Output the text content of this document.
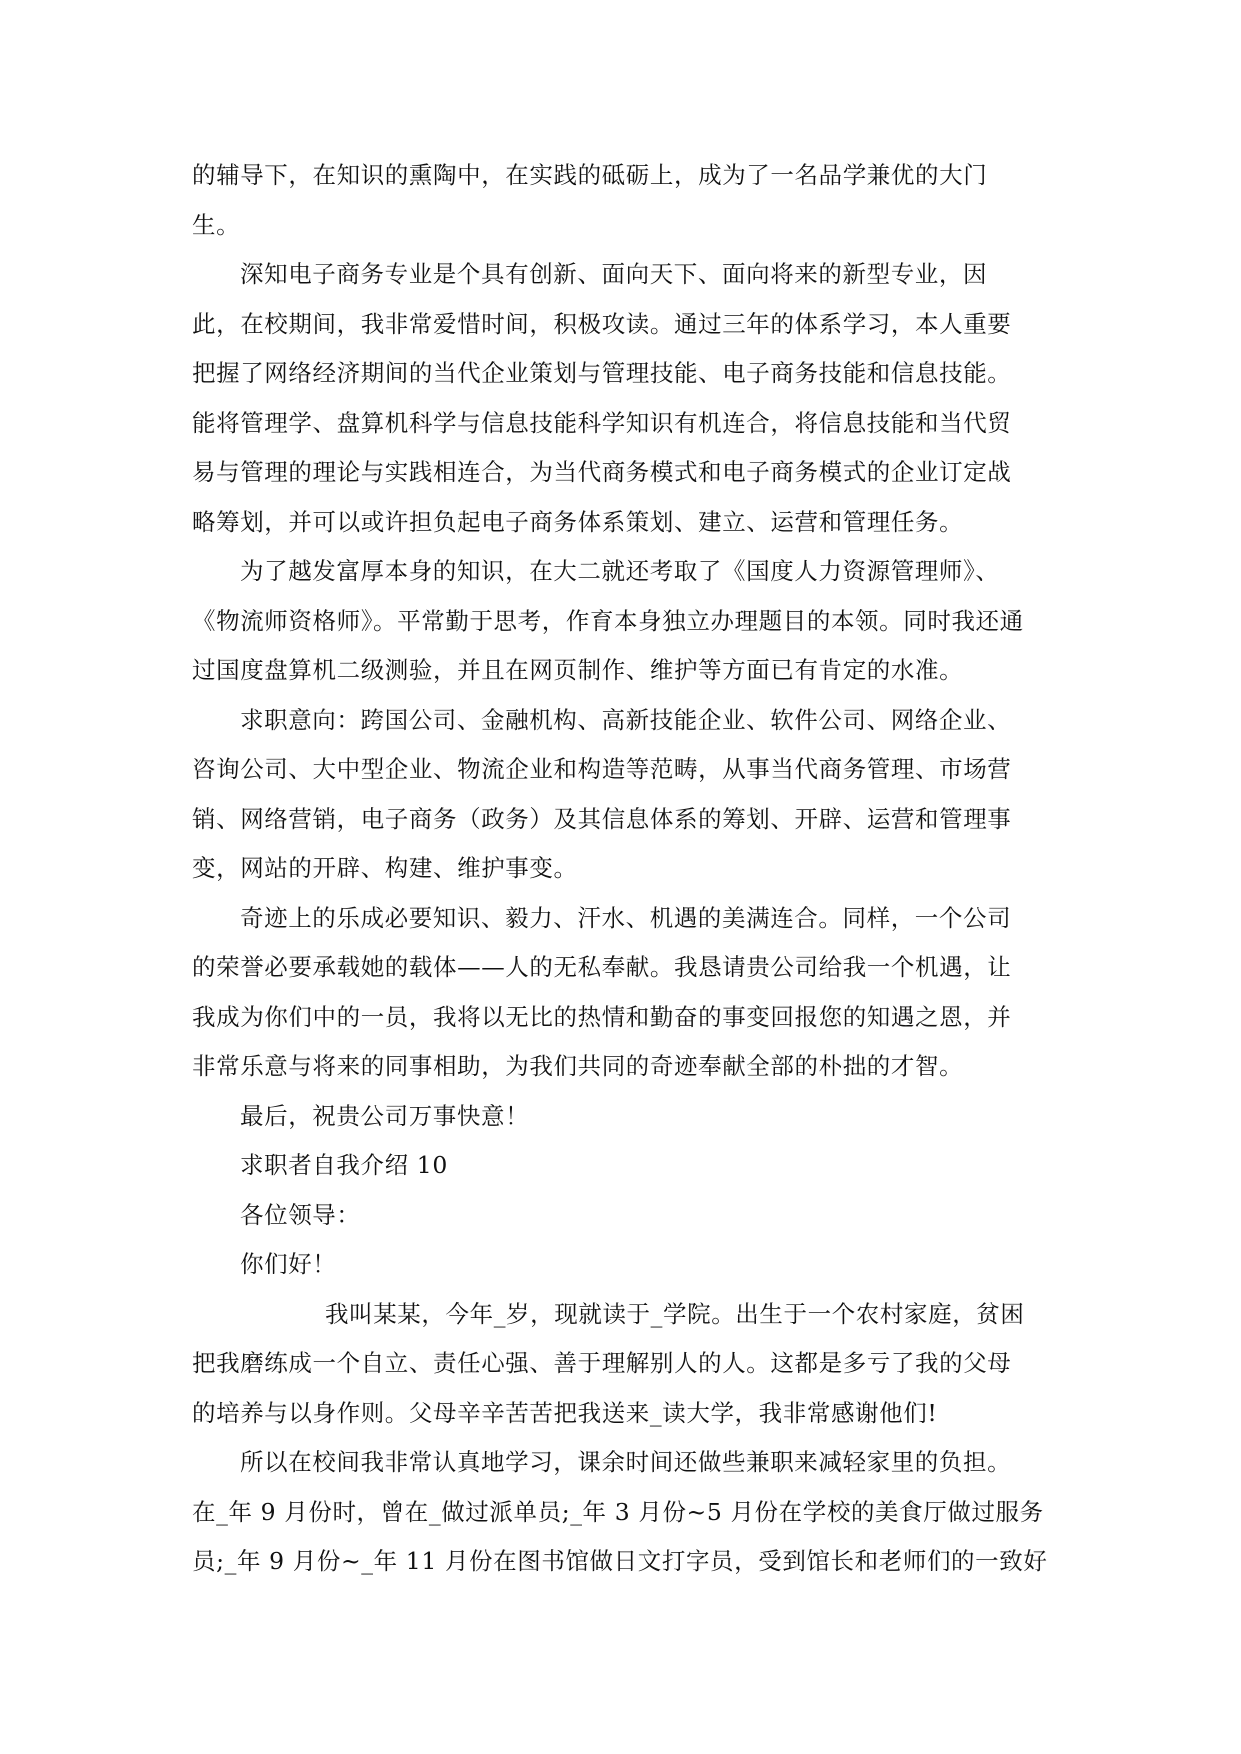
的辅导下，在知识的熏陶中，在实践的砥砺上，成为了一名品学兼优的大门
生。
深知电子商务专业是个具有创新、面向天下、面向将来的新型专业，因
此，在校期间，我非常爱惜时间，积极攻读。通过三年的体系学习，本人重要
把握了网络经济期间的当代企业策划与管理技能、电子商务技能和信息技能。
能将管理学、盘算机科学与信息技能科学知识有机连合，将信息技能和当代贸
易与管理的理论与实践相连合，为当代商务模式和电子商务模式的企业订定战
略筹划，并可以或许担负起电子商务体系策划、建立、运营和管理任务。
为了越发富厚本身的知识，在大二就还考取了《国度人力资源管理师》、
《物流师资格师》。平常勤于思考，作育本身独立办理题目的本领。同时我还通
过国度盘算机二级测验，并且在网页制作、维护等方面已有肯定的水准。
求职意向：跨国公司、金融机构、高新技能企业、软件公司、网络企业、
咨询公司、大中型企业、物流企业和构造等范畴，从事当代商务管理、市场营
销、网络营销，电子商务（政务）及其信息体系的筹划、开辟、运营和管理事
变，网站的开辟、构建、维护事变。
奇迹上的乐成必要知识、毅力、汗水、机遇的美满连合。同样，一个公司
的荣誉必要承载她的载体——人的无私奉献。我恳请贵公司给我一个机遇，让
我成为你们中的一员，我将以无比的热情和勤奋的事变回报您的知遇之恩，并
非常乐意与将来的同事相助，为我们共同的奇迹奉献全部的朴拙的才智。
最后，祝贵公司万事快意！
求职者自我介绍 10
各位领导：
你们好！
我叫某某，今年_岁，现就读于_学院。出生于一个农村家庭，贫困
把我磨练成一个自立、责任心强、善于理解别人的人。这都是多亏了我的父母
的培养与以身作则。父母辛辛苦苦把我送来_读大学，我非常感谢他们!
所以在校间我非常认真地学习，课余时间还做些兼职来减轻家里的负担。
在_年 9 月份时，曾在_做过派单员;_年 3 月份~5 月份在学校的美食厅做过服务
员;_年 9 月份~_年 11 月份在图书馆做日文打字员，受到馆长和老师们的一致好
